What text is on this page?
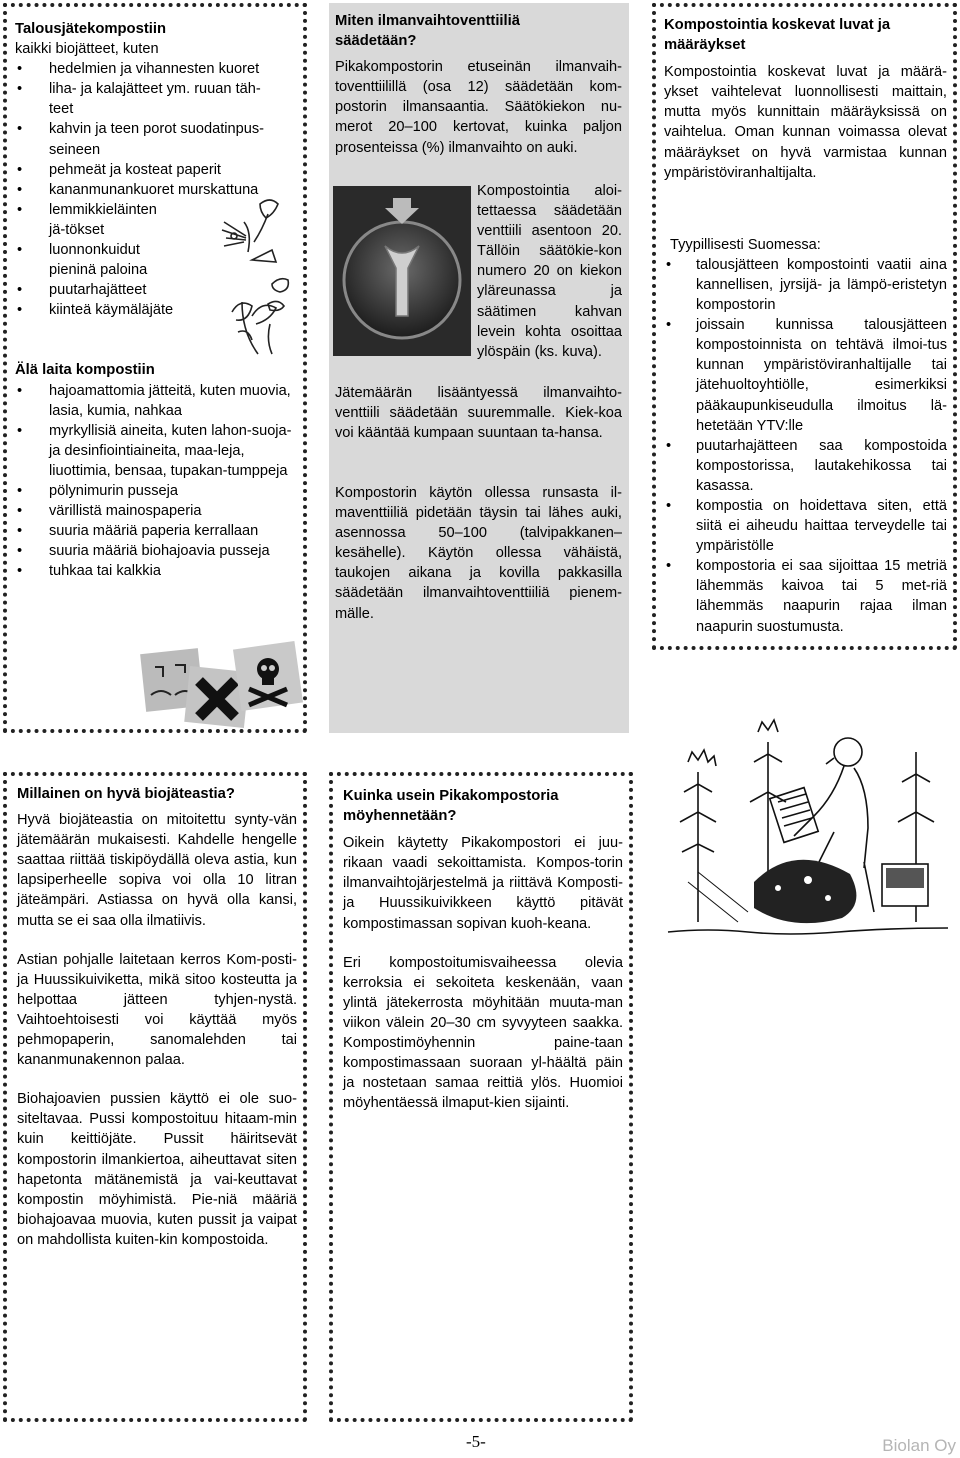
Talousjätekompostiin
kaikki biojätteet, kuten
• hedelmien ja vihannesten kuoret
• liha- ja kalajätteet ym. ruuan täh-teet
• kahvin ja teen porot suodatinpus-seineen
• pehmeät ja kosteat paperit
• kananmunankuoret murskattuna
• lemmikkieläinten jä-tökset
• luonnonkuidut pieninä paloina
• puutarhajätteet
• kiinteä käymäläjäte
Älä laita kompostiin
• hajoamattomia jätteitä, kuten muovia, lasia, kumia, nahkaa
• myrkyllisiä aineita, kuten lahon-suoja- ja desinfiointiaineita, maa-leja, liuottimia, bensaa, tupakan-tumppeja
• pölynimurin pusseja
• värillistä mainospaperia
• suuria määriä paperia kerrallaan
• suuria määriä biohajoavia pusseja
• tuhkaa tai kalkkia
Miten ilmanvaihtoventtiiliä säädetään?

Pikakompostorin etuseinän ilmanvaih-toventtiilillä (osa 12) säädetään kom-postorin ilmansaantia. Säätökiekon nu-merot 20–100 kertovat, kuinka paljon prosenteissa (%) ilmanvaihto on auki.

Kompostointia aloi-tettaessa säädetään venttiili asentoon 20. Tällöin säätökie-kon numero 20 on kiekon yläreunassa ja säätimen kahvan levein kohta osoittaa ylöspäin (ks. kuva).

Jätemäärän lisääntyessä ilmanvaihto-venttiili säädetään suuremmalle. Kiek-koa voi kääntää kumpaan suuntaan ta-hansa.

Kompostorin käytön ollessa runsasta il-maventtiiliä pidetään täysin tai lähes auki, asennossa 50–100 (talvipakkanen–kesähelle). Käytön ollessa vähäistä, taukojen aikana ja kovilla pakkasilla säädetään ilmanvaihtoventtiiliä pienem-mälle.

Kompostointia koskevat luvat ja määräykset

Kompostointia koskevat luvat ja määrä-ykset vaihtelevat luonnollisesti maittain, mutta myös kunnittain määräyksissä on vaihtelua. Oman kunnan voimassa olevat määräykset on hyvä varmistaa kunnan ympäristöviranhaltijalta.

Tyypillisesti Suomessa:

• talousjätteen kompostointi vaatii aina kannellisen, jyrsijä- ja lämpö-eristetyn kompostorin
• joissain kunnissa talousjätteen kompostoinnista on tehtävä ilmoi-tus kunnan ympäristöviranhaltijalle tai jätehuoltoyhtiölle, esimerkiksi pääkaupunkiseudulla ilmoitus lä-hetetään YTV:lle
• puutarhajätteen saa kompostoida kompostorissa, lautakehikossa tai kasassa.
• kompostia on hoidettava siten, että siitä ei aiheudu haittaa terveydelle tai ympäristölle
• kompostoria ei saa sijoittaa 15 metriä lähemmäs kaivoa tai 5 met-riä lähemmäs naapurin rajaa ilman naapurin suostumusta.
Millainen on hyvä biojäteastia?

Hyvä biojäteastia on mitoitettu synty-vän jätemäärän mukaisesti. Kahdelle hengelle saattaa riittää tiskipöydällä oleva astia, kun lapsiperheelle sopiva voi olla 10 litran jäteämpäri. Astiassa on hyvä olla kansi, mutta se ei saa olla ilmatiivis.

Astian pohjalle laitetaan kerros Kom-posti- ja Huussikuiviketta, mikä sitoo kosteutta ja helpottaa jätteen tyhjen-nystä. Vaihtoehtoisesti voi käyttää myös pehmopaperin, sanomalehden tai kananmunakennon palaa.

Biohajoavien pussien käyttö ei ole suo-siteltavaa. Pussi kompostoituu hitaam-min kuin keittiöjäte. Pussit häiritsevät kompostorin ilmankiertoa, aiheuttavat siten hapetonta mätänemistä ja vai-keuttavat kompostin möyhimistä. Pie-niä määriä biohajoavaa muovia, kuten pussit ja vaipat on mahdollista kuiten-kin kompostoida.

Kuinka usein Pikakompostoria möyhennetään?

Oikein käytetty Pikakompostori ei juu-rikaan vaadi sekoittamista. Kompos-torin ilmanvaihtojärjestelmä ja riittävä Komposti- ja Huussikuivikkeen käyttö pitävät kompostimassan sopivan kuoh-keana.

Eri kompostoitumisvaiheessa olevia kerroksia ei sekoiteta keskenään, vaan ylintä jätekerrosta möyhitään muuta-man viikon välein 20–30 cm syvyyteen saakka. Kompostimöyhennin paine-taan kompostimassaan suoraan yl-häältä päin ja nostetaan samaa reittiä ylös. Huomioi möyhentäessä ilmaput-kien sijainti.

-5-	Biolan Oy
